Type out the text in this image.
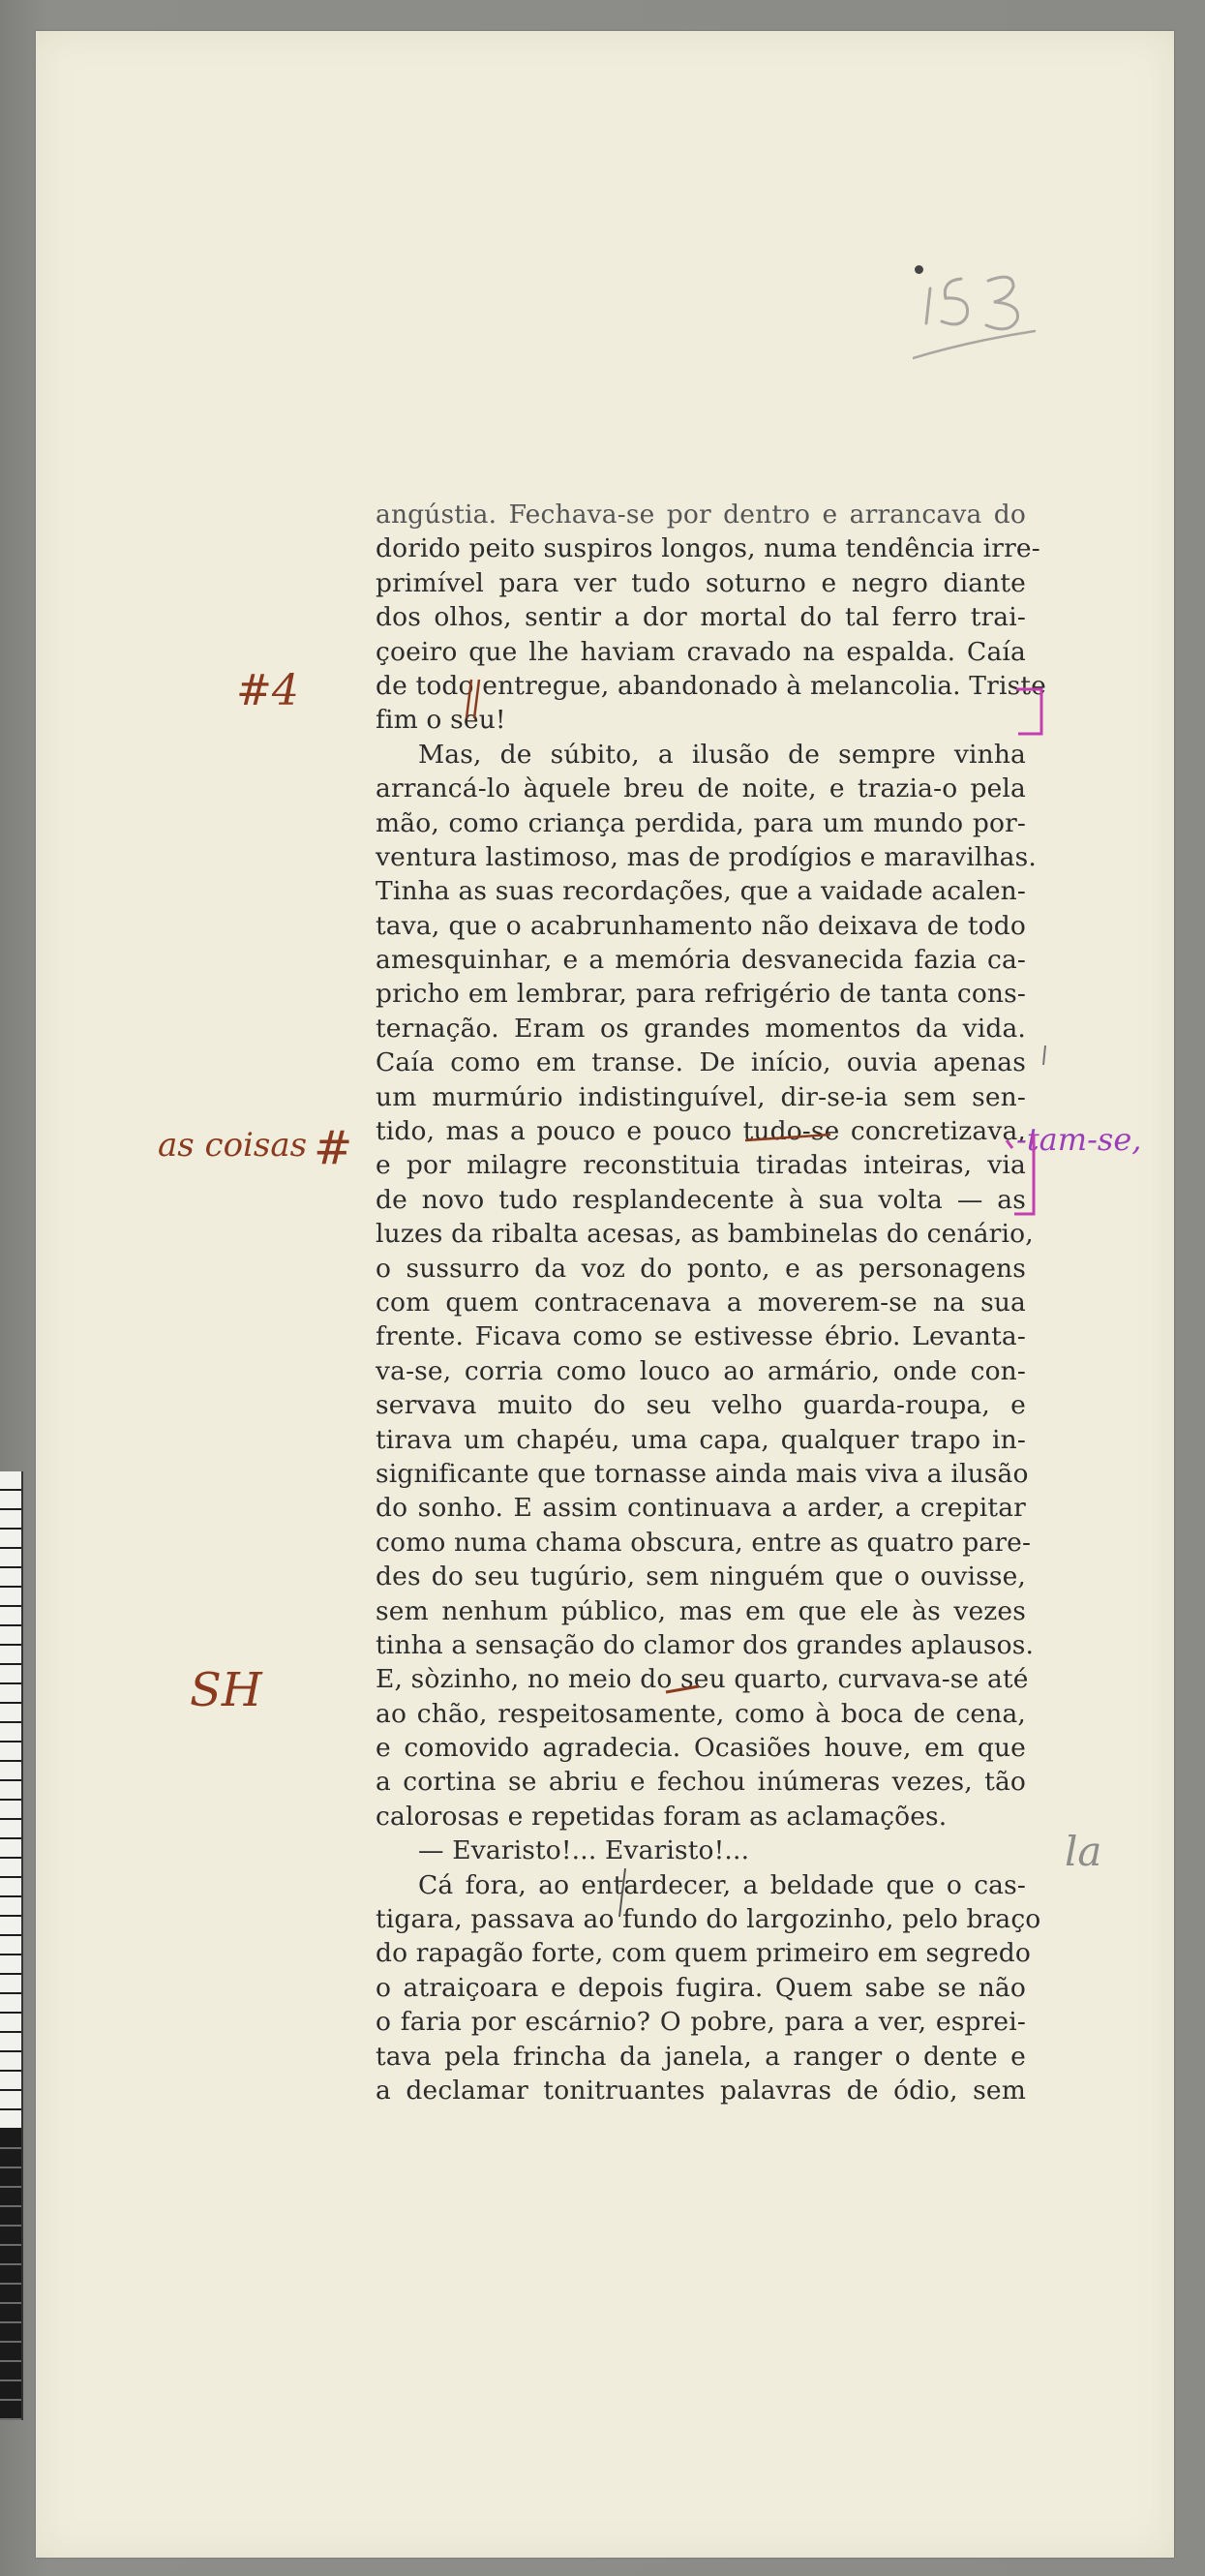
angústia. Fechava-se por dentro e arrancava do
dorido peito suspiros longos, numa tendência irre-
primível para ver tudo soturno e negro diante
dos olhos, sentir a dor mortal do tal ferro trai-
çoeiro que lhe haviam cravado na espalda. Caía
de todo entregue, abandonado à melancolia. Triste
fim o seu!
Mas, de súbito, a ilusão de sempre vinha
arrancá-lo àquele breu de noite, e trazia-o pela
mão, como criança perdida, para um mundo por-
ventura lastimoso, mas de prodígios e maravilhas.
Tinha as suas recordações, que a vaidade acalen-
tava, que o acabrunhamento não deixava de todo
amesquinhar, e a memória desvanecida fazia ca-
pricho em lembrar, para refrigério de tanta cons-
ternação. Eram os grandes momentos da vida.
Caía como em transe. De início, ouvia apenas
um murmúrio indistinguível, dir-se-ia sem sen-
tido, mas a pouco e pouco tudo-se concretizava,
e por milagre reconstituia tiradas inteiras, via
de novo tudo resplandecente à sua volta — as
luzes da ribalta acesas, as bambinelas do cenário,
o sussurro da voz do ponto, e as personagens
com quem contracenava a moverem-se na sua
frente. Ficava como se estivesse ébrio. Levanta-
va-se, corria como louco ao armário, onde con-
servava muito do seu velho guarda-roupa, e
tirava um chapéu, uma capa, qualquer trapo in-
significante que tornasse ainda mais viva a ilusão
do sonho. E assim continuava a arder, a crepitar
como numa chama obscura, entre as quatro pare-
des do seu tugúrio, sem ninguém que o ouvisse,
sem nenhum público, mas em que ele às vezes
tinha a sensação do clamor dos grandes aplausos.
E, sòzinho, no meio do seu quarto, curvava-se até
ao chão, respeitosamente, como à boca de cena,
e comovido agradecia. Ocasiões houve, em que
a cortina se abriu e fechou inúmeras vezes, tão
calorosas e repetidas foram as aclamações.
— Evaristo!... Evaristo!...
Cá fora, ao entardecer, a beldade que o cas-
tigara, passava ao fundo do largozinho, pelo braço
do rapagão forte, com quem primeiro em segredo
o atraiçoara e depois fugira. Quem sabe se não
o faria por escárnio? O pobre, para a ver, esprei-
tava pela frincha da janela, a ranger o dente e
a declamar tonitruantes palavras de ódio, sem
#4
as coisas #
SH
-tam-se,
la
